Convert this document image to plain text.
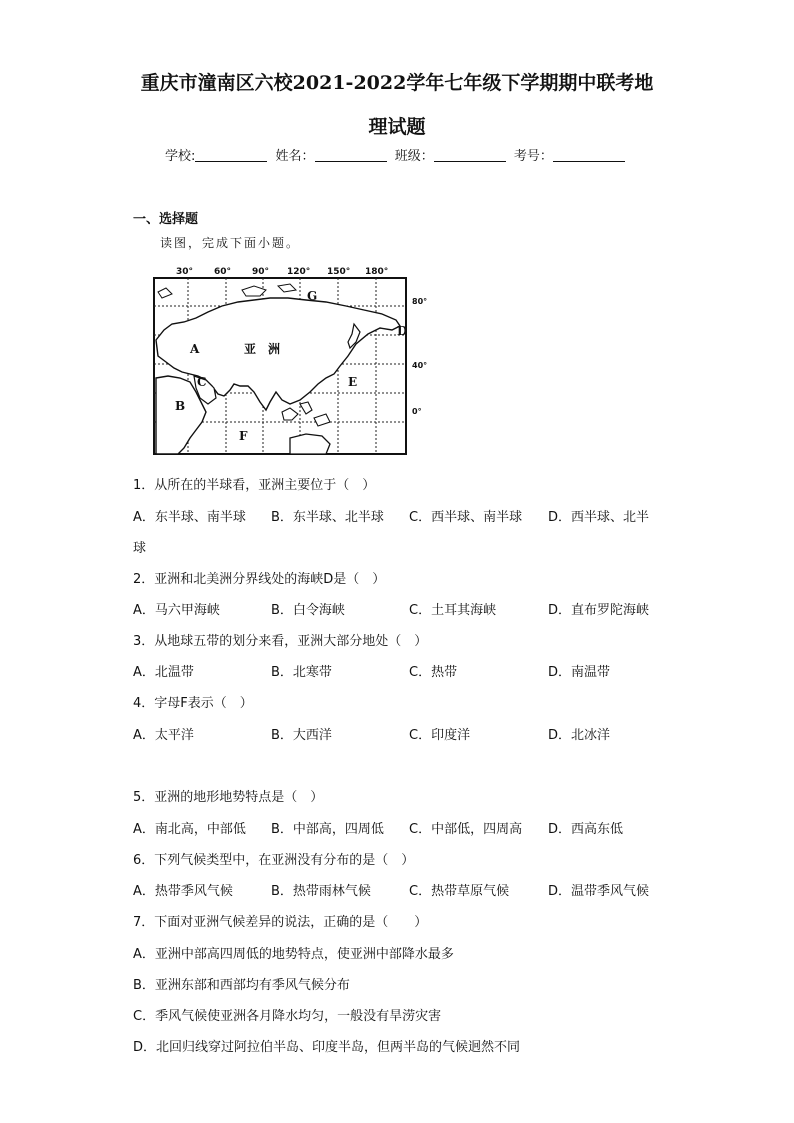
重庆市潼南区六校2021-2022学年七年级下学期期中联考地
理试题
学校:	姓名：	班级：	考号：
一、选择题
读图，完成下面小题。
30° 60° 90° 120° 150° 180°
80°
40°
0°
A
B
C
D
E
F
G
亚　洲
1．从所在的半球看，亚洲主要位于（　）
A．东半球、南半球 B．东半球、北半球 C．西半球、南半球 D．西半球、北半
球
2．亚洲和北美洲分界线处的海峡D是（　）
A．马六甲海峡	B．白令海峡	C．土耳其海峡	D．直布罗陀海峡
3．从地球五带的划分来看，亚洲大部分地处（　）
A．北温带	B．北寒带	C．热带	D．南温带
4．字母F表示（　）
A．太平洋	B．大西洋	C．印度洋	D．北冰洋
5．亚洲的地形地势特点是（　）
A．南北高，中部低 B．中部高，四周低 C．中部低，四周高 D．西高东低
6．下列气候类型中，在亚洲没有分布的是（　）
A．热带季风气候	B．热带雨林气候	C．热带草原气候	D．温带季风气候
7．下面对亚洲气候差异的说法，正确的是（　　）
A．亚洲中部高四周低的地势特点，使亚洲中部降水最多
B．亚洲东部和西部均有季风气候分布
C．季风气候使亚洲各月降水均匀，一般没有旱涝灾害
D．北回归线穿过阿拉伯半岛、印度半岛，但两半岛的气候迥然不同
